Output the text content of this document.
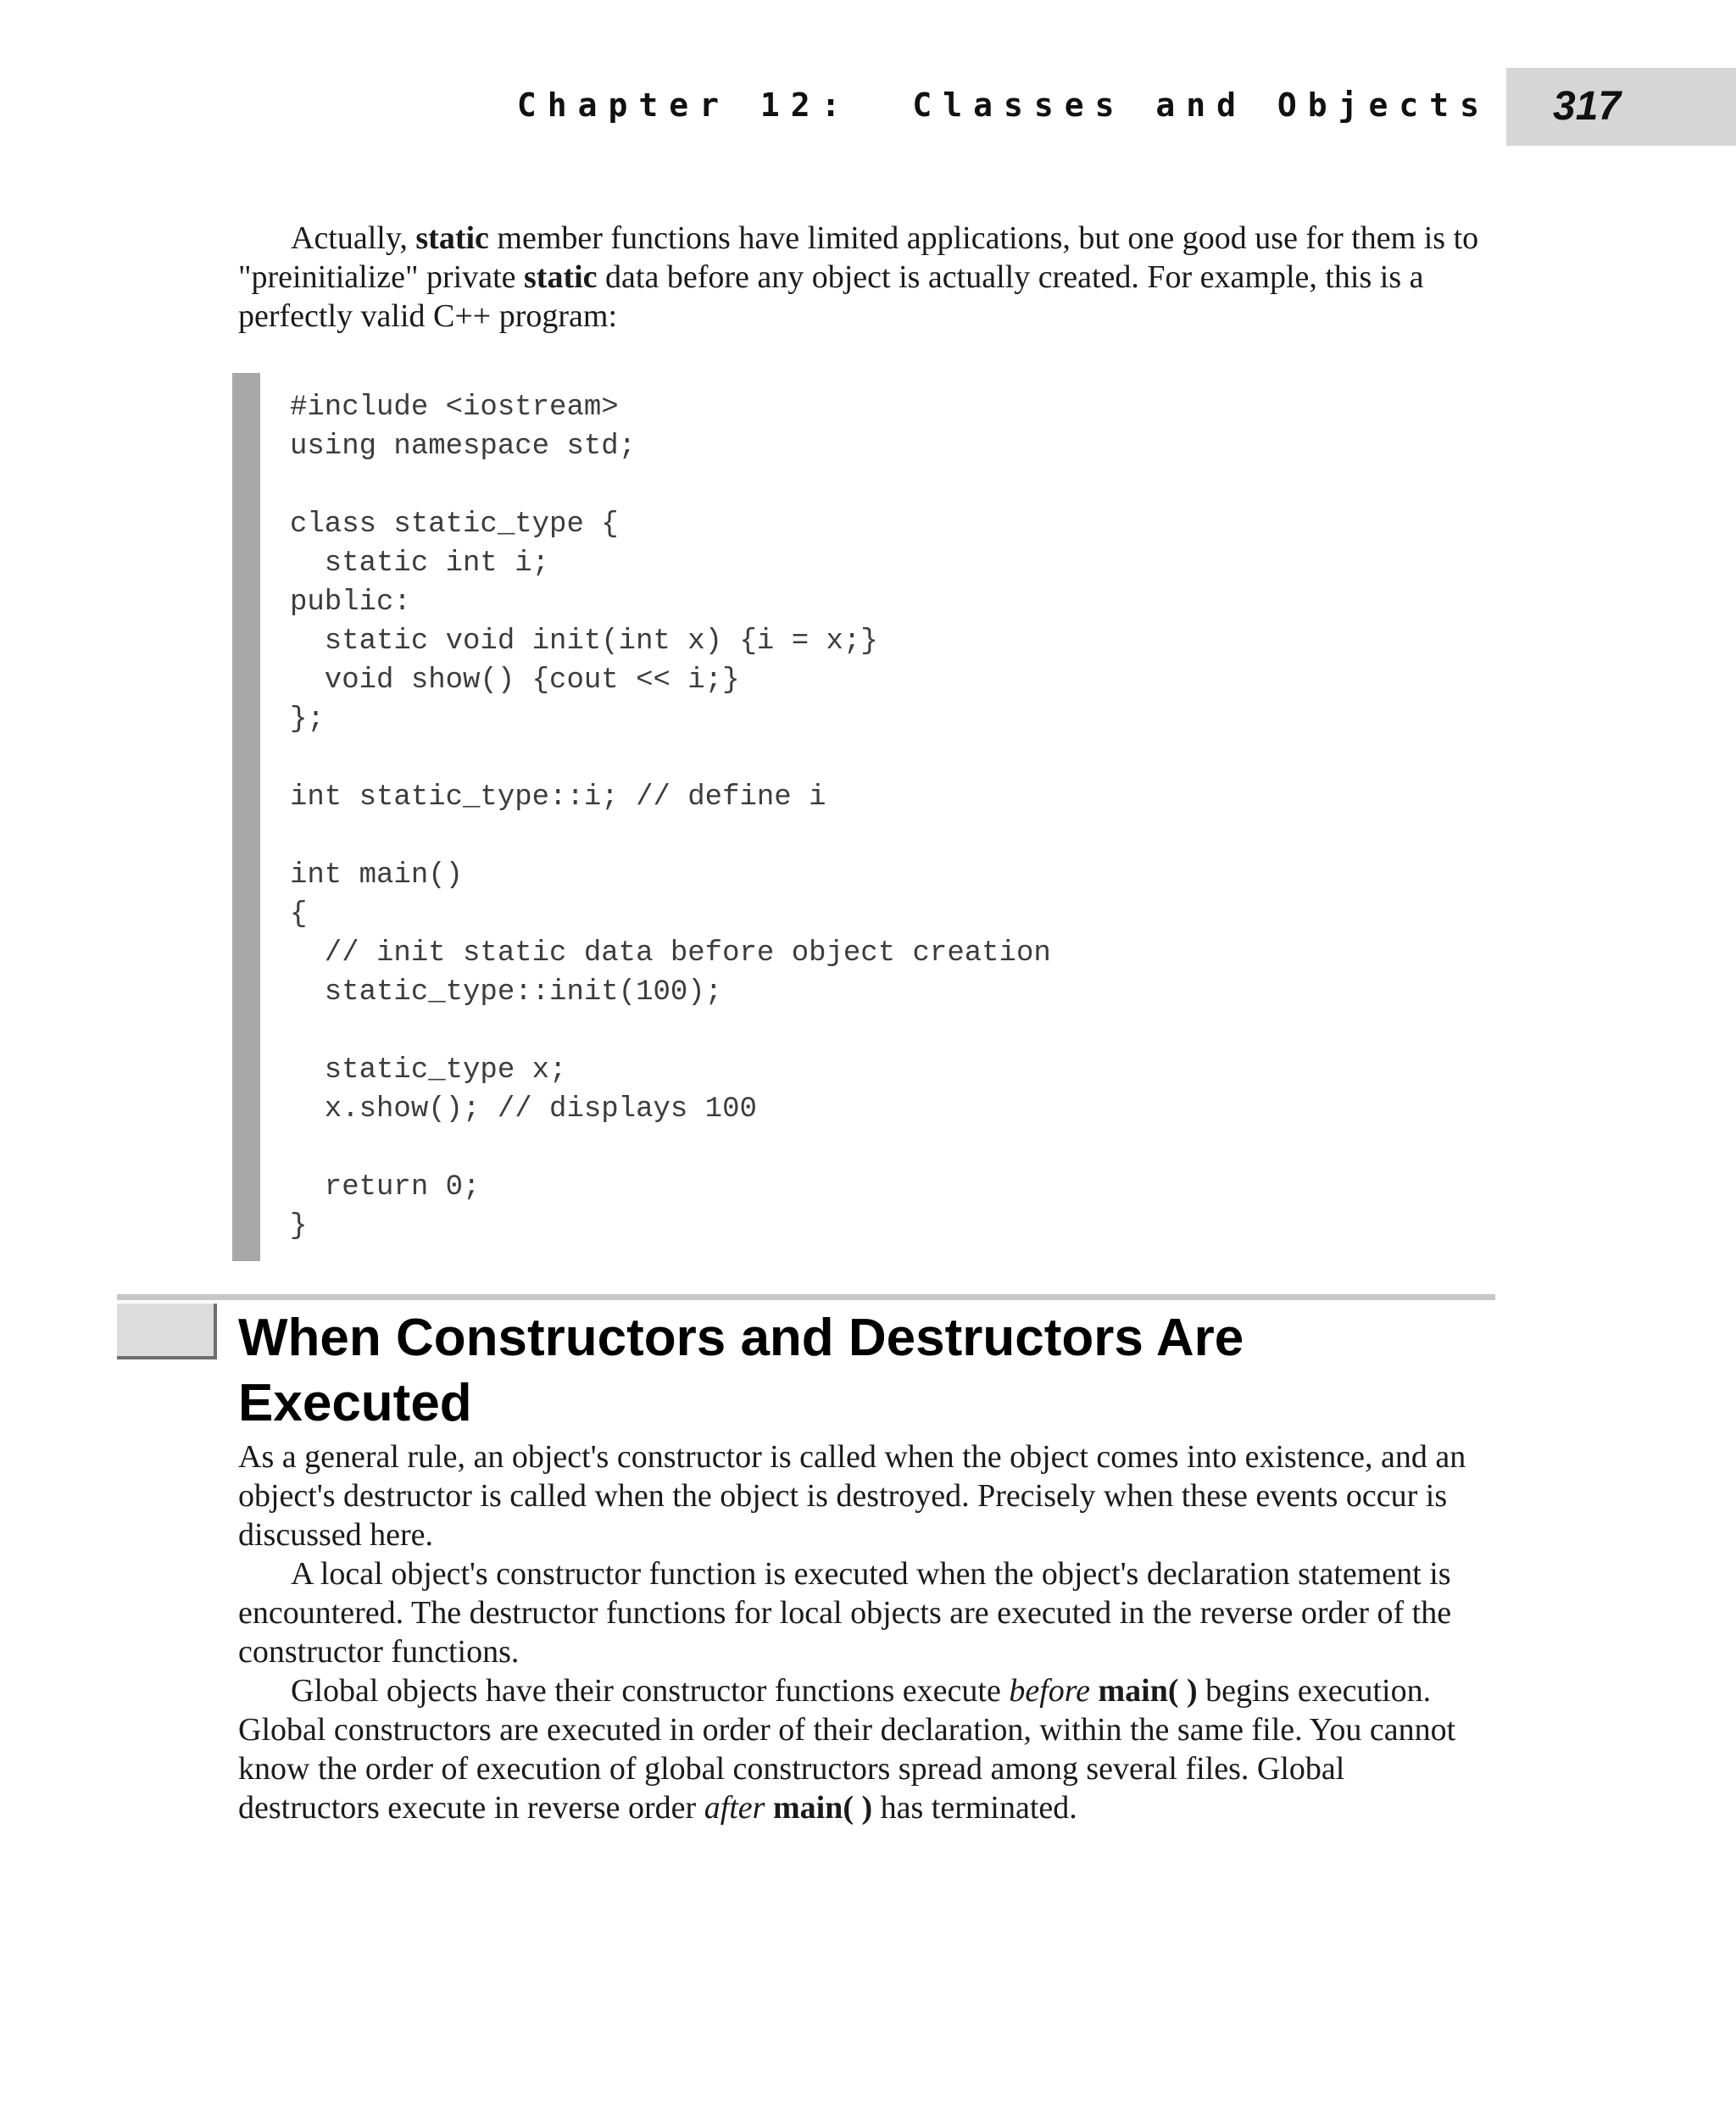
Chapter 12:  Classes and Objects 317

Actually, static member functions have limited applications, but one good use for them is to "preinitialize" private static data before any object is actually created. For example, this is a perfectly valid C++ program:

#include <iostream>
using namespace std;
class static_type {
static int i;
public:
static void init(int x) {i = x;}
void show() {cout << i;}
};
int static_type::i; // define i
int main()
{
// init static data before object creation
static_type::init(100);
static_type x;
x.show(); // displays 100
return 0;
}
When Constructors and Destructors Are
Executed

As a general rule, an object's constructor is called when the object comes into existence, and an object's destructor is called when the object is destroyed. Precisely when these events occur is discussed here.

A local object's constructor function is executed when the object's declaration statement is encountered. The destructor functions for local objects are executed in the reverse order of the constructor functions.

Global objects have their constructor functions execute before main( ) begins execution. Global constructors are executed in order of their declaration, within the same file. You cannot know the order of execution of global constructors spread among several files. Global destructors execute in reverse order after main( ) has terminated.
